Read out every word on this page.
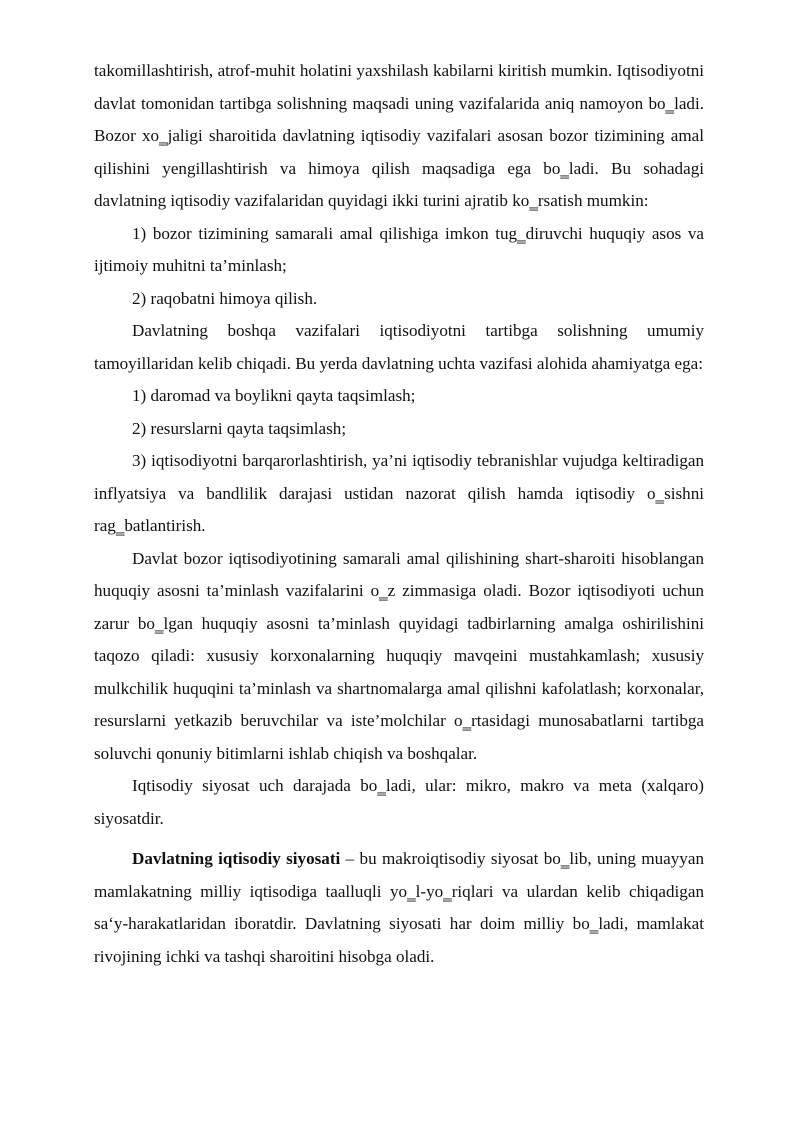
takomillashtirish, atrof-muhit holatini yaxshilash kabilarni kiritish mumkin. Iqtisodiyotni davlat tomonidan tartibga solishning maqsadi uning vazifalarida aniq namoyon bo‗ladi. Bozor xo‗jaligi sharoitida davlatning iqtisodiy vazifalari asosan bozor tizimining amal qilishini yengillashtirish va himoya qilish maqsadiga ega bo‗ladi. Bu sohadagi davlatning iqtisodiy vazifalaridan quyidagi ikki turini ajratib ko‗rsatish mumkin:

1) bozor tizimining samarali amal qilishiga imkon tug‗diruvchi huquqiy asos va ijtimoiy muhitni ta’minlash;

2) raqobatni himoya qilish.

Davlatning boshqa vazifalari iqtisodiyotni tartibga solishning umumiy tamoyillaridan kelib chiqadi. Bu yerda davlatning uchta vazifasi alohida ahamiyatga ega:

1) daromad va boylikni qayta taqsimlash;

2) resurslarni qayta taqsimlash;

3) iqtisodiyotni barqarorlashtirish, ya’ni iqtisodiy tebranishlar vujudga keltiradigan inflyatsiya va bandlilik darajasi ustidan nazorat qilish hamda iqtisodiy o‗sishni rag‗batlantirish.

Davlat bozor iqtisodiyotining samarali amal qilishining shart-sharoiti hisoblangan huquqiy asosni ta’minlash vazifalarini o‗z zimmasiga oladi. Bozor iqtisodiyoti uchun zarur bo‗lgan huquqiy asosni ta’minlash quyidagi tadbirlarning amalga oshirilishini taqozo qiladi: xususiy korxonalarning huquqiy mavqeini mustahkamlash; xususiy mulkchilik huquqini ta’minlash va shartnomalarga amal qilishni kafolatlash; korxonalar, resurslarni yetkazib beruvchilar va iste’molchilar o‗rtasidagi munosabatlarni tartibga soluvchi qonuniy bitimlarni ishlab chiqish va boshqalar.

Iqtisodiy siyosat uch darajada bo‗ladi, ular: mikro, makro va meta (xalqaro) siyosatdir.

Davlatning iqtisodiy siyosati – bu makroiqtisodiy siyosat bo‗lib, uning muayyan mamlakatning milliy iqtisodiga taalluqli yo‗l-yo‗riqlari va ulardan kelib chiqadigan sa‘y-harakatlaridan iboratdir. Davlatning siyosati har doim milliy bo‗ladi, mamlakat rivojining ichki va tashqi sharoitini hisobga oladi.
